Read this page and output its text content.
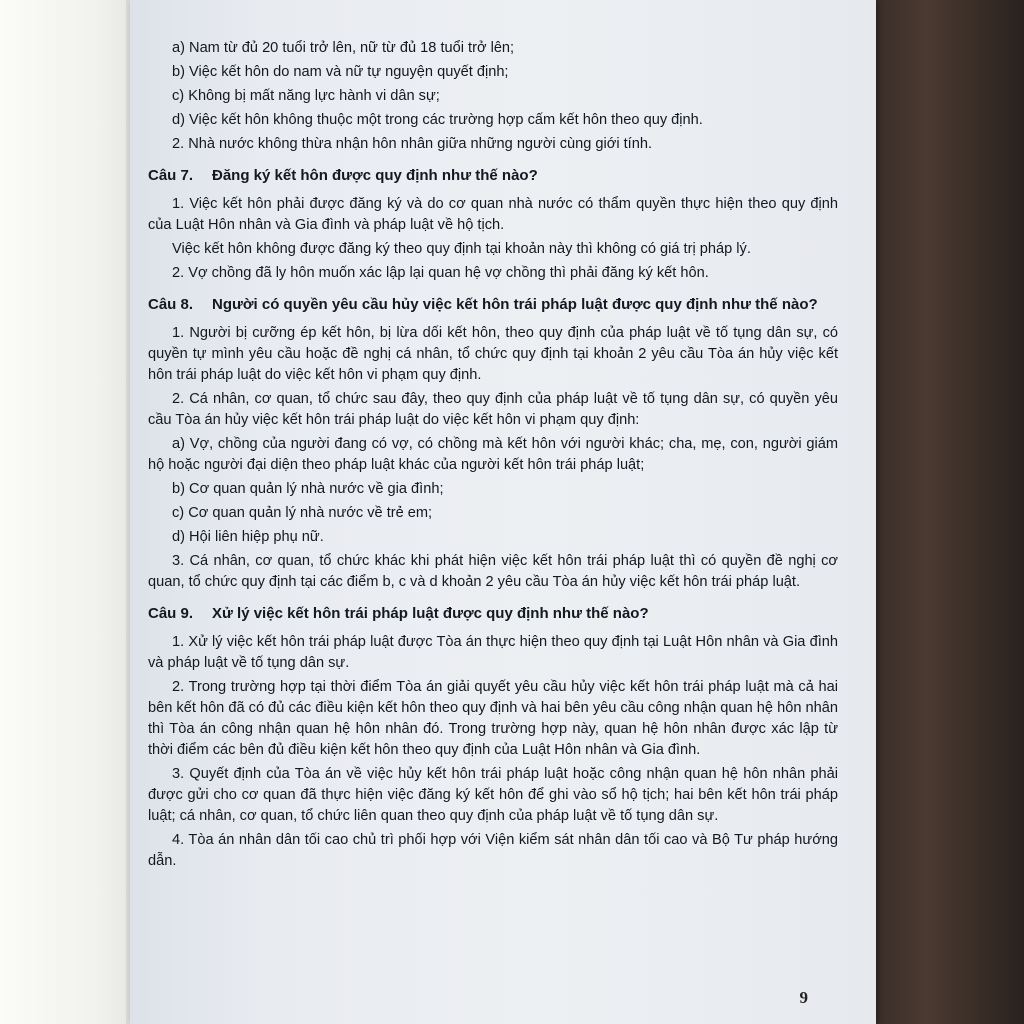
a) Nam từ đủ 20 tuổi trở lên, nữ từ đủ 18 tuổi trở lên;

b) Việc kết hôn do nam và nữ tự nguyện quyết định;

c) Không bị mất năng lực hành vi dân sự;

d) Việc kết hôn không thuộc một trong các trường hợp cấm kết hôn theo quy định.

2. Nhà nước không thừa nhận hôn nhân giữa những người cùng giới tính.

Câu 7. Đăng ký kết hôn được quy định như thế nào?

1. Việc kết hôn phải được đăng ký và do cơ quan nhà nước có thẩm quyền thực hiện theo quy định của Luật Hôn nhân và Gia đình và pháp luật về hộ tịch.

Việc kết hôn không được đăng ký theo quy định tại khoản này thì không có giá trị pháp lý.

2. Vợ chồng đã ly hôn muốn xác lập lại quan hệ vợ chồng thì phải đăng ký kết hôn.

Câu 8. Người có quyền yêu cầu hủy việc kết hôn trái pháp luật được quy định như thế nào?

1. Người bị cưỡng ép kết hôn, bị lừa dối kết hôn, theo quy định của pháp luật về tố tụng dân sự, có quyền tự mình yêu cầu hoặc đề nghị cá nhân, tổ chức quy định tại khoản 2 yêu cầu Tòa án hủy việc kết hôn trái pháp luật do việc kết hôn vi phạm quy định.

2. Cá nhân, cơ quan, tổ chức sau đây, theo quy định của pháp luật về tố tụng dân sự, có quyền yêu cầu Tòa án hủy việc kết hôn trái pháp luật do việc kết hôn vi phạm quy định:

a) Vợ, chồng của người đang có vợ, có chồng mà kết hôn với người khác; cha, mẹ, con, người giám hộ hoặc người đại diện theo pháp luật khác của người kết hôn trái pháp luật;

b) Cơ quan quản lý nhà nước về gia đình;

c) Cơ quan quản lý nhà nước về trẻ em;

d) Hội liên hiệp phụ nữ.

3. Cá nhân, cơ quan, tổ chức khác khi phát hiện việc kết hôn trái pháp luật thì có quyền đề nghị cơ quan, tổ chức quy định tại các điểm b, c và d khoản 2 yêu cầu Tòa án hủy việc kết hôn trái pháp luật.

Câu 9. Xử lý việc kết hôn trái pháp luật được quy định như thế nào?

1. Xử lý việc kết hôn trái pháp luật được Tòa án thực hiện theo quy định tại Luật Hôn nhân và Gia đình và pháp luật về tố tụng dân sự.

2. Trong trường hợp tại thời điểm Tòa án giải quyết yêu cầu hủy việc kết hôn trái pháp luật mà cả hai bên kết hôn đã có đủ các điều kiện kết hôn theo quy định và hai bên yêu cầu công nhận quan hệ hôn nhân thì Tòa án công nhận quan hệ hôn nhân đó. Trong trường hợp này, quan hệ hôn nhân được xác lập từ thời điểm các bên đủ điều kiện kết hôn theo quy định của Luật Hôn nhân và Gia đình.

3. Quyết định của Tòa án về việc hủy kết hôn trái pháp luật hoặc công nhận quan hệ hôn nhân phải được gửi cho cơ quan đã thực hiện việc đăng ký kết hôn để ghi vào sổ hộ tịch; hai bên kết hôn trái pháp luật; cá nhân, cơ quan, tổ chức liên quan theo quy định của pháp luật về tố tụng dân sự.

4. Tòa án nhân dân tối cao chủ trì phối hợp với Viện kiểm sát nhân dân tối cao và Bộ Tư pháp hướng dẫn.

9
